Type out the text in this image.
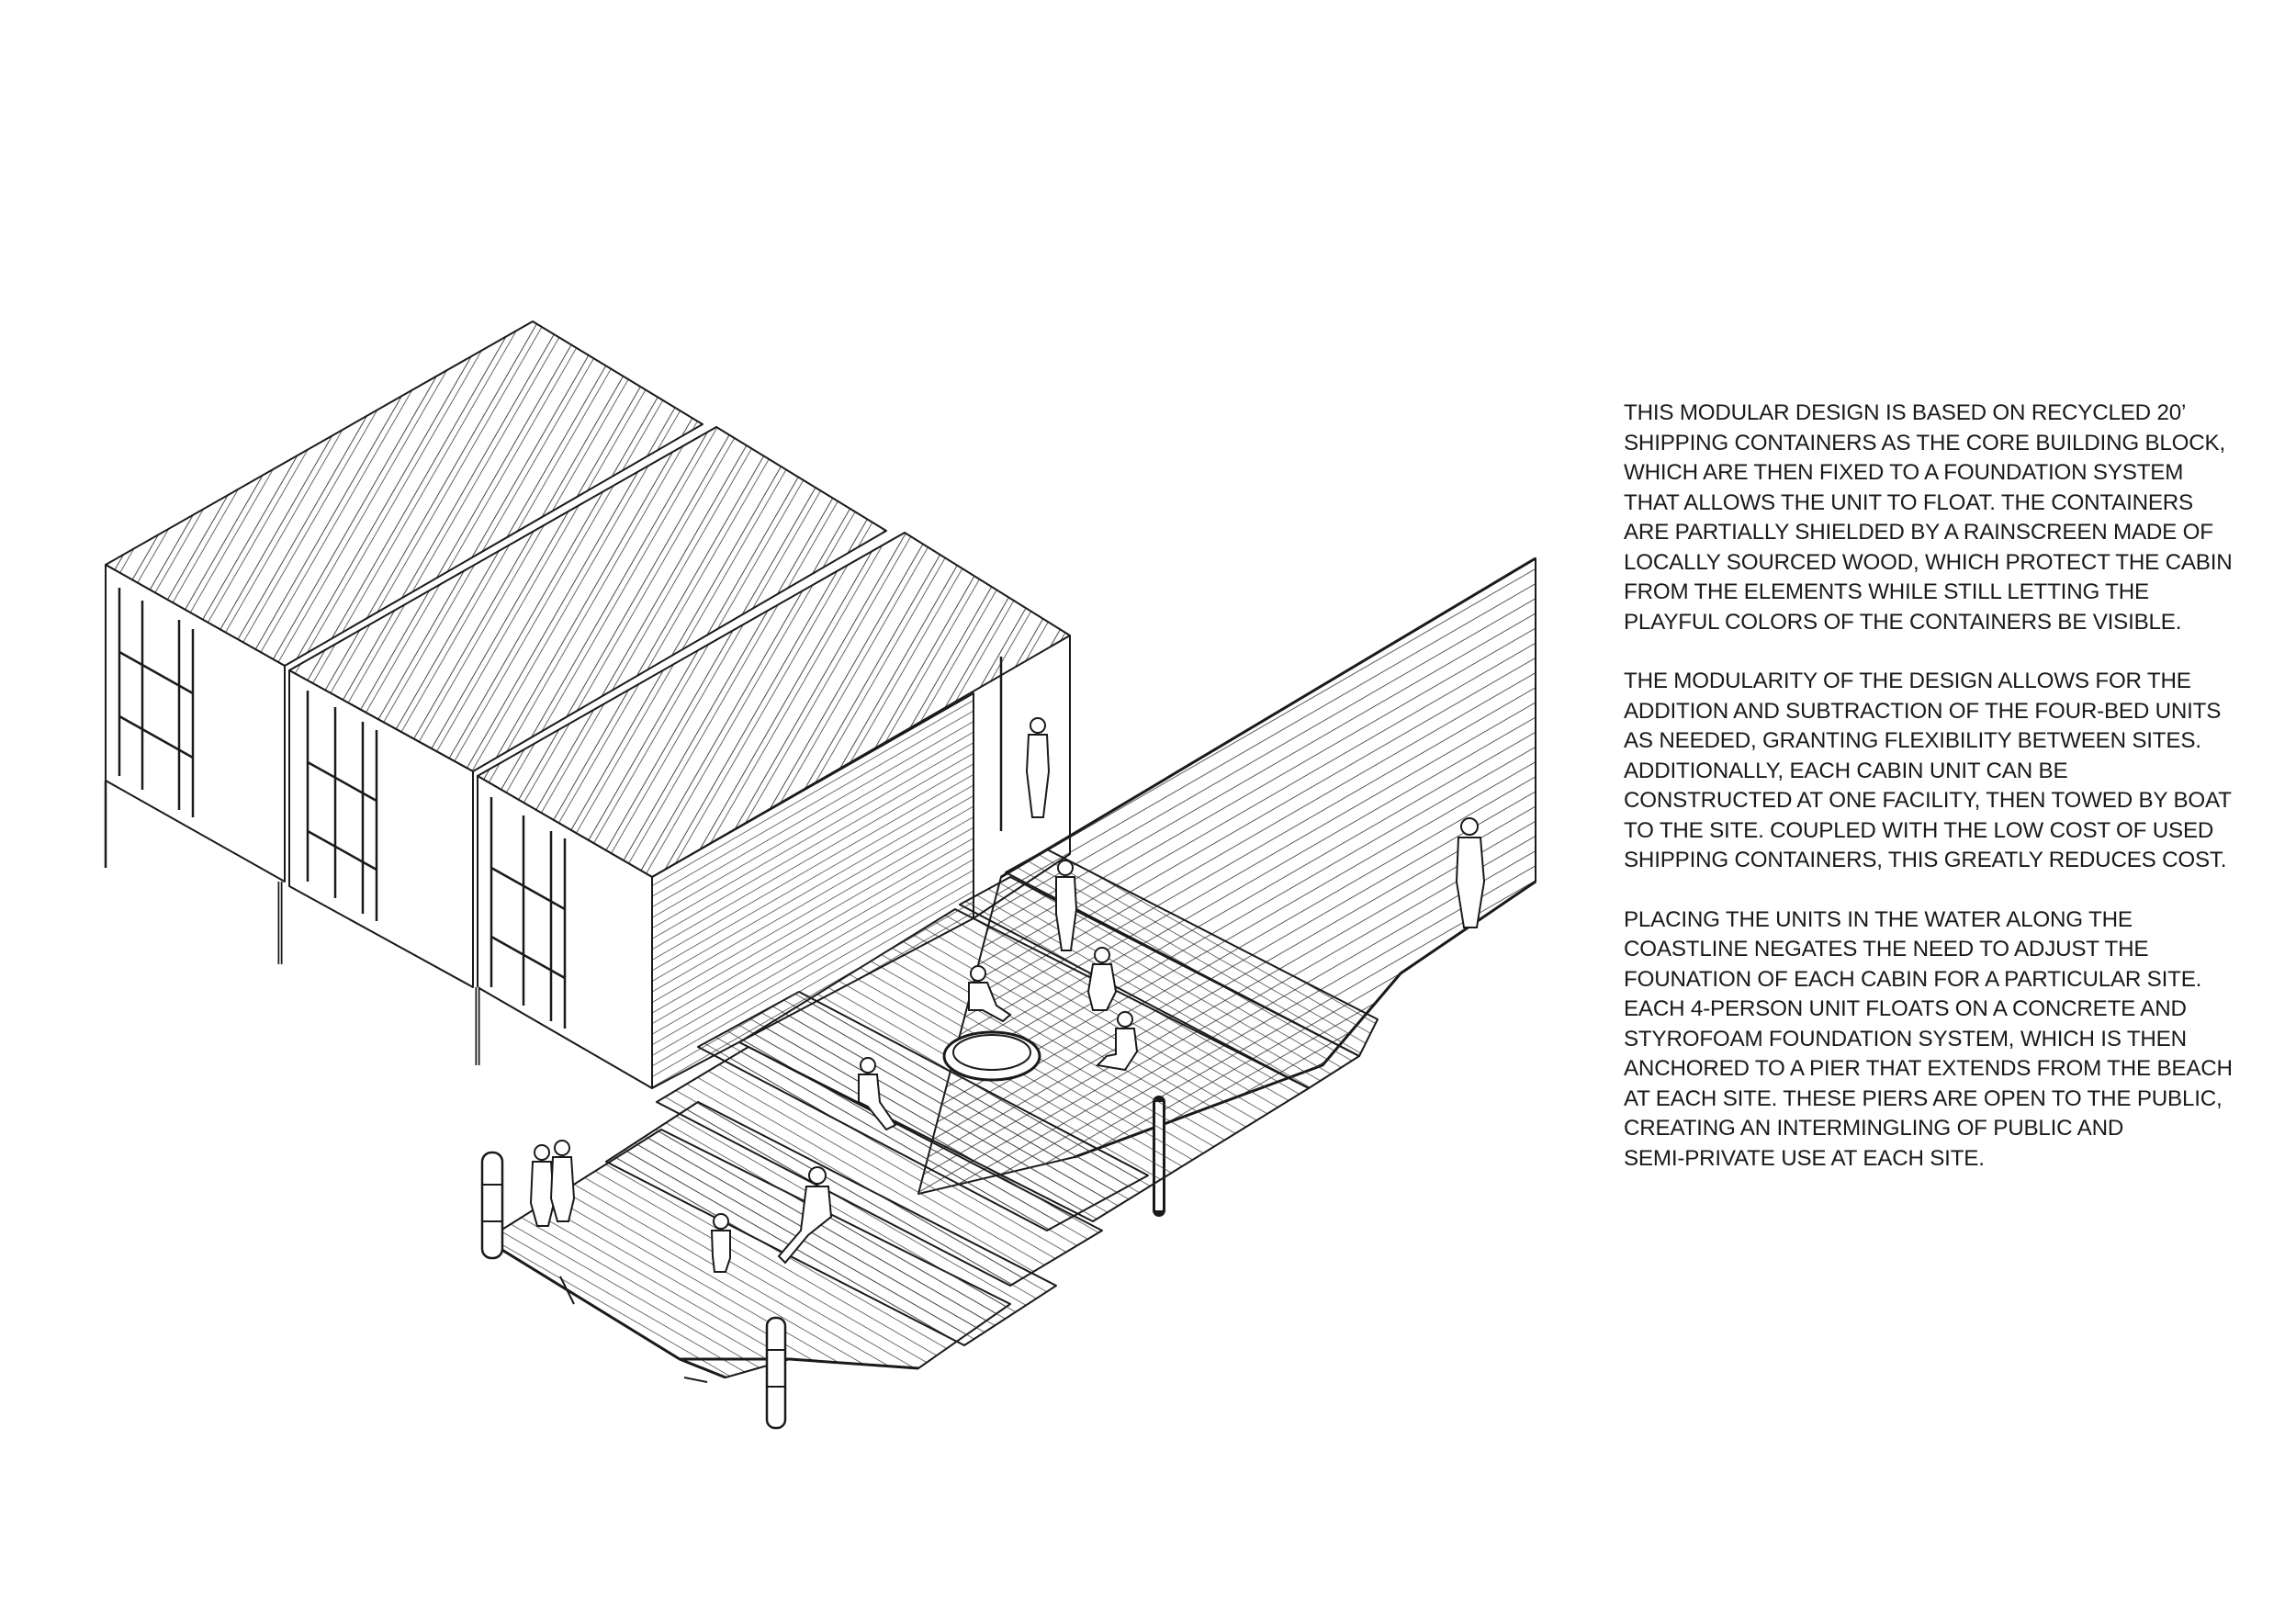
THIS MODULAR DESIGN IS BASED ON RECYCLED 20’
SHIPPING CONTAINERS AS THE CORE BUILDING BLOCK,
WHICH ARE THEN FIXED TO A FOUNDATION SYSTEM
THAT ALLOWS THE UNIT TO FLOAT. THE CONTAINERS
ARE PARTIALLY SHIELDED BY A RAINSCREEN MADE OF
LOCALLY SOURCED WOOD, WHICH PROTECT THE CABIN
FROM THE ELEMENTS WHILE STILL LETTING THE
PLAYFUL COLORS OF THE CONTAINERS BE VISIBLE.

THE MODULARITY OF THE DESIGN ALLOWS FOR THE
ADDITION AND SUBTRACTION OF THE FOUR-BED UNITS
AS NEEDED, GRANTING FLEXIBILITY BETWEEN SITES.
ADDITIONALLY, EACH CABIN UNIT CAN BE
CONSTRUCTED AT ONE FACILITY, THEN TOWED BY BOAT
TO THE SITE. COUPLED WITH THE LOW COST OF USED
SHIPPING CONTAINERS, THIS GREATLY REDUCES COST.

PLACING THE UNITS IN THE WATER ALONG THE
COASTLINE NEGATES THE NEED TO ADJUST THE
FOUNATION OF EACH CABIN FOR A PARTICULAR SITE.
EACH 4-PERSON UNIT FLOATS ON A CONCRETE AND
STYROFOAM FOUNDATION SYSTEM, WHICH IS THEN
ANCHORED TO A PIER THAT EXTENDS FROM THE BEACH
AT EACH SITE. THESE PIERS ARE OPEN TO THE PUBLIC,
CREATING AN INTERMINGLING OF PUBLIC AND
SEMI-PRIVATE USE AT EACH SITE.
